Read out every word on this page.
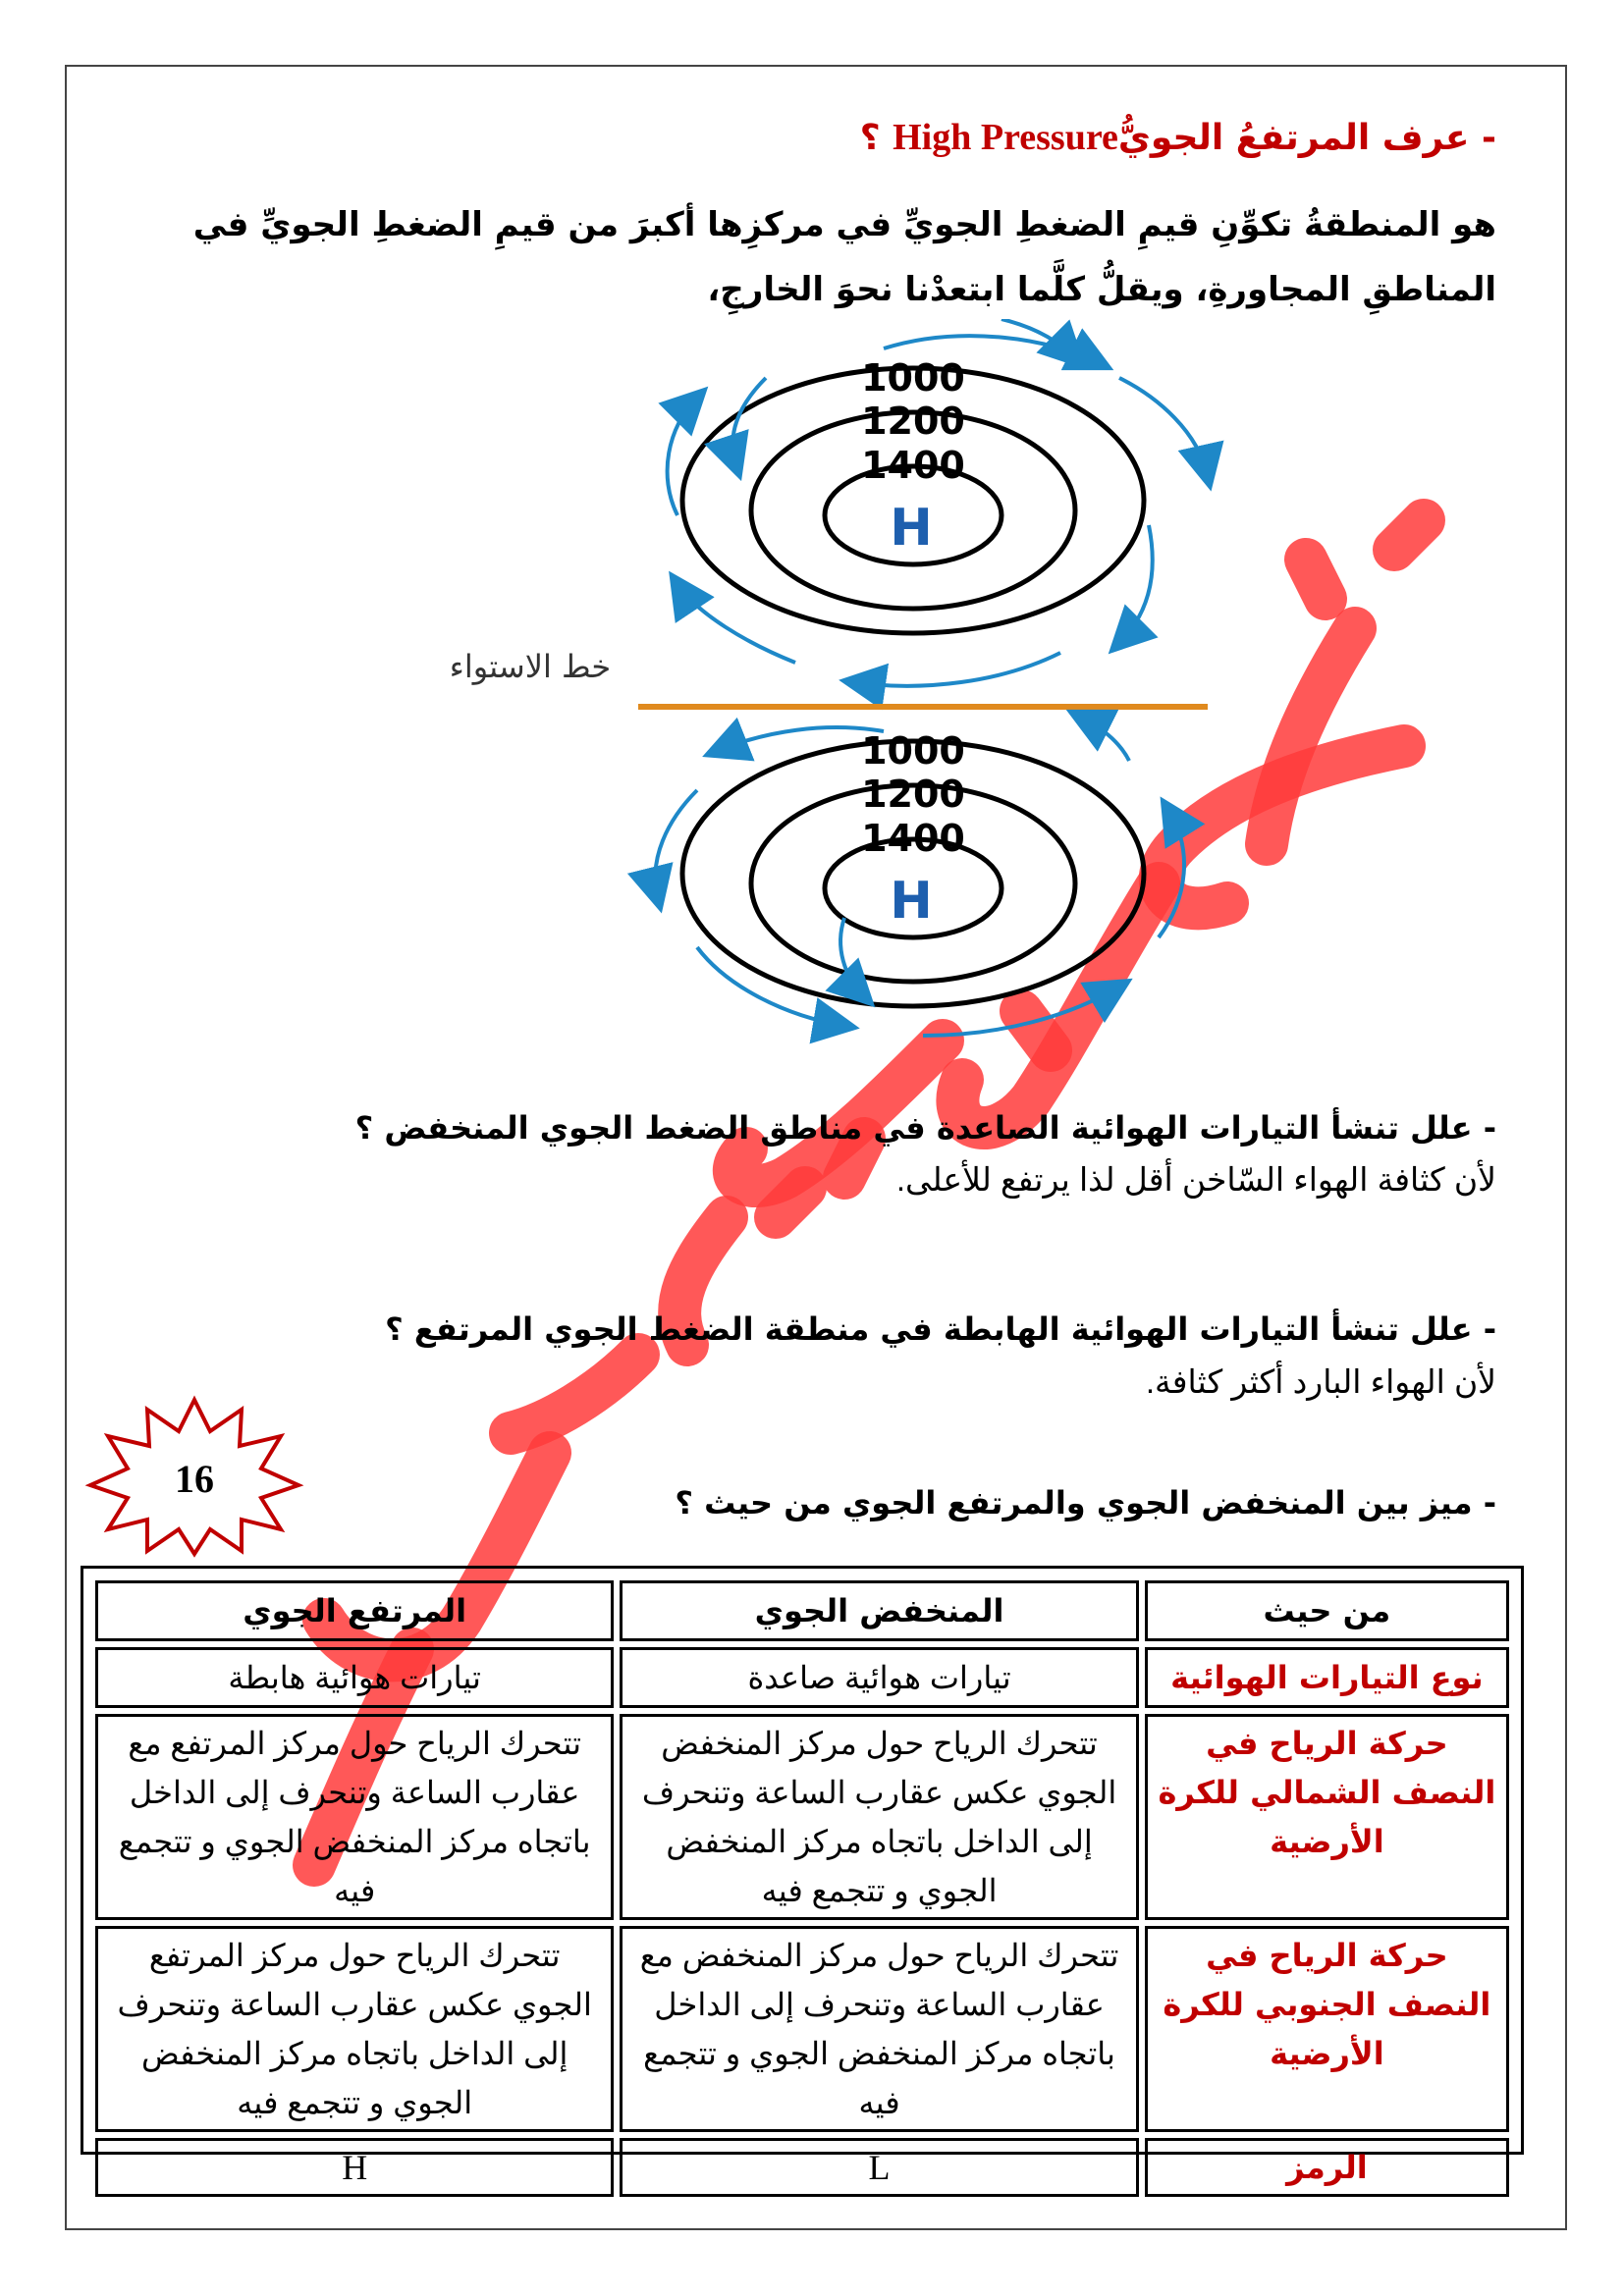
- عرف المرتفعُ الجويُّHigh Pressure ؟
هو المنطقةُ تكوِّنِ قيمِ الضغطِ الجويِّ في مركزِها أكبرَ من قيمِ الضغطِ الجويِّ في المناطقِ المجاورةِ، ويقلُّ كلَّما ابتعدْنا نحوَ الخارجِ،
1000
1200
1400
H
خط الاستواء
1000
1200
1400
H
- علل تنشأ التيارات الهوائية الصاعدة في مناطق الضغط الجوي المنخفض ؟
لأن كثافة الهواء السّاخن أقل لذا يرتفع للأعلى.
- علل تنشأ التيارات الهوائية الهابطة في منطقة الضغط الجوي المرتفع ؟
لأن الهواء البارد أكثر كثافة.
16
- ميز بين المنخفض الجوي والمرتفع الجوي من حيث ؟
من حيث	المنخفض الجوي	المرتفع الجوي
نوع التيارات الهوائية	تيارات هوائية صاعدة	تيارات هوائية هابطة
حركة الرياح في النصف الشمالي للكرة الأرضية	تتحرك الرياح حول مركز المنخفض الجوي عكس عقارب الساعة وتنحرف إلى الداخل باتجاه مركز المنخفض الجوي و تتجمع فيه	تتحرك الرياح حول مركز المرتفع مع عقارب الساعة وتنحرف إلى الداخل باتجاه مركز المنخفض الجوي و تتجمع فيه
حركة الرياح في النصف الجنوبي للكرة الأرضية	تتحرك الرياح حول مركز المنخفض مع عقارب الساعة وتنحرف إلى الداخل باتجاه مركز المنخفض الجوي و تتجمع فيه	تتحرك الرياح حول مركز المرتفع الجوي عكس عقارب الساعة وتنحرف إلى الداخل باتجاه مركز المنخفض الجوي و تتجمع فيه
الرمز	L	H
